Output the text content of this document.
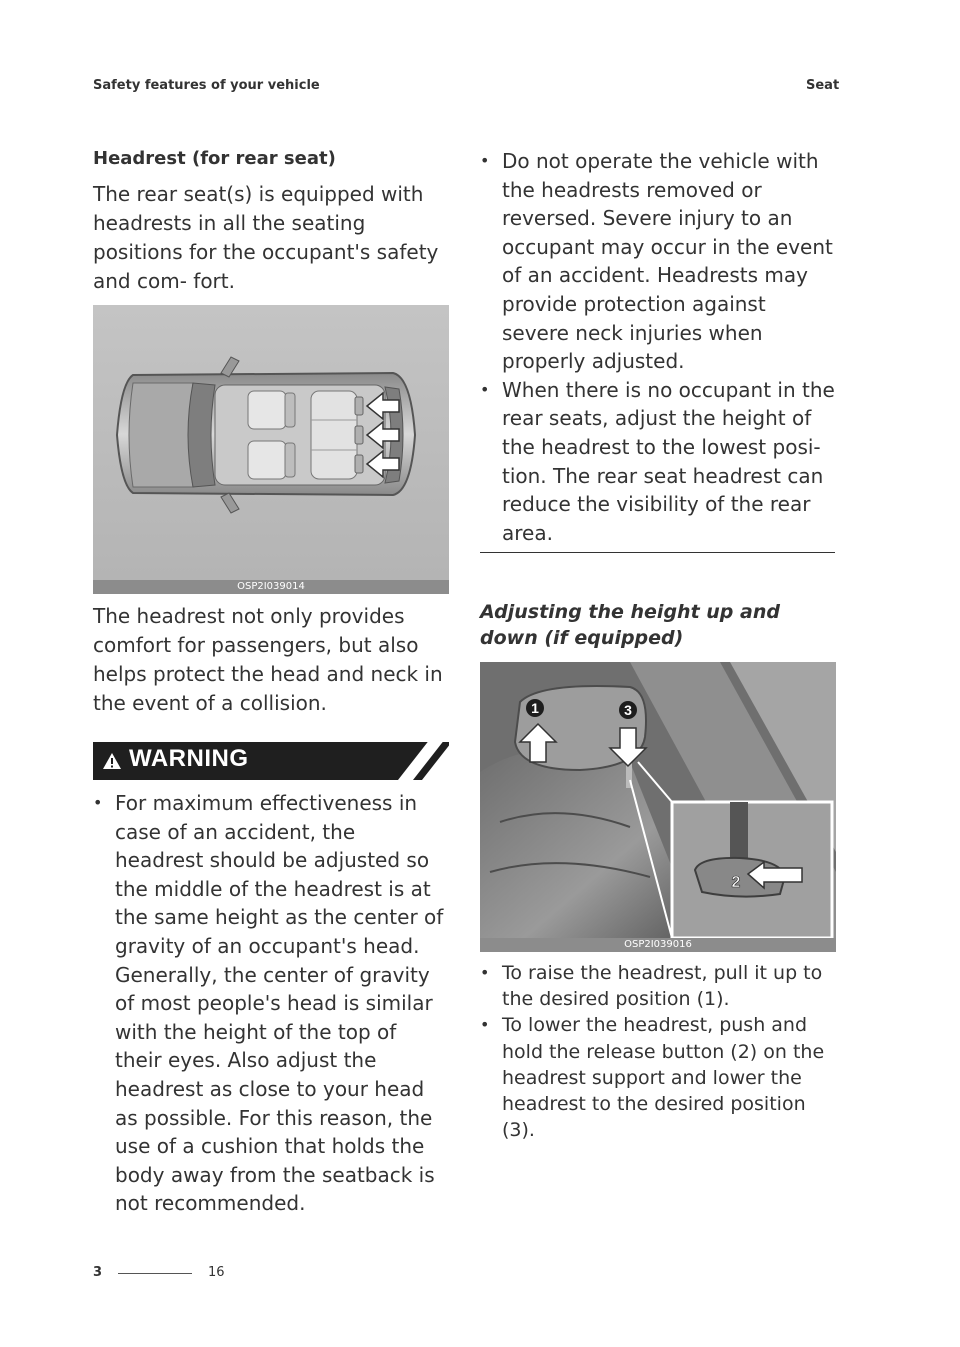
Safety features of your vehicle	Seat
Headrest (for rear seat)
The rear seat(s) is equipped with headrests in all the seating positions for the occupant's safety and com- fort.
OSP2I039014
The headrest not only provides comfort for passengers, but also helps protect the head and neck in the event of a collision.
WARNING
• For maximum effectiveness in case of an accident, the headrest should be adjusted so the middle of the headrest is at the same height as the center of gravity of an occupant's head. Generally, the center of gravity of most people's head is similar with the height of the top of their eyes. Also adjust the headrest as close to your head as possible. For this reason, the use of a cushion that holds the body away from the seatback is not recommended.
• Do not operate the vehicle with the headrests removed or reversed. Severe injury to an occupant may occur in the event of an accident. Headrests may provide protection against severe neck injuries when properly adjusted.
• When there is no occupant in the rear seats, adjust the height of the headrest to the lowest posi- tion. The rear seat headrest can reduce the visibility of the rear area.
Adjusting the height up and down (if equipped)
1	3
2
OSP2I039016
• To raise the headrest, pull it up to the desired position (1).
• To lower the headrest, push and hold the release button (2) on the headrest support and lower the headrest to the desired position (3).
3	16
